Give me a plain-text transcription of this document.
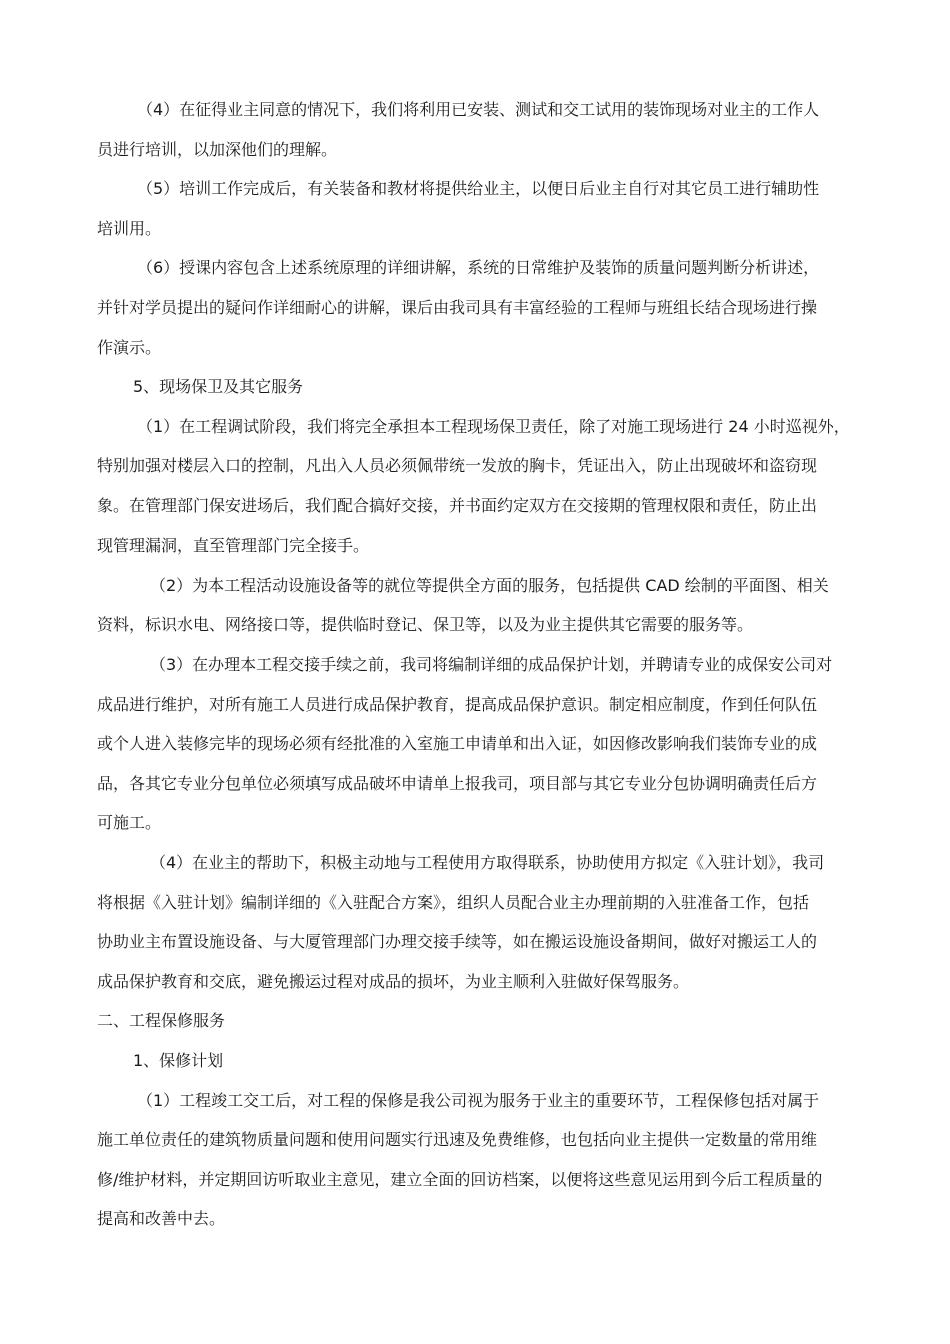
（4）在征得业主同意的情况下，我们将利用已安装、测试和交工试用的装饰现场对业主的工作人

员进行培训，以加深他们的理解。

（5）培训工作完成后，有关装备和教材将提供给业主，以便日后业主自行对其它员工进行辅助性

培训用。

（6）授课内容包含上述系统原理的详细讲解，系统的日常维护及装饰的质量问题判断分析讲述，

并针对学员提出的疑问作详细耐心的讲解，课后由我司具有丰富经验的工程师与班组长结合现场进行操

作演示。

5、现场保卫及其它服务

（1）在工程调试阶段，我们将完全承担本工程现场保卫责任，除了对施工现场进行 24 小时巡视外，

特别加强对楼层入口的控制，凡出入人员必须佩带统一发放的胸卡，凭证出入，防止出现破坏和盗窃现

象。在管理部门保安进场后，我们配合搞好交接，并书面约定双方在交接期的管理权限和责任，防止出

现管理漏洞，直至管理部门完全接手。

（2）为本工程活动设施设备等的就位等提供全方面的服务，包括提供 CAD 绘制的平面图、相关

资料，标识水电、网络接口等，提供临时登记、保卫等，以及为业主提供其它需要的服务等。

（3）在办理本工程交接手续之前，我司将编制详细的成品保护计划，并聘请专业的成保安公司对

成品进行维护，对所有施工人员进行成品保护教育，提高成品保护意识。制定相应制度，作到任何队伍

或个人进入装修完毕的现场必须有经批准的入室施工申请单和出入证，如因修改影响我们装饰专业的成

品，各其它专业分包单位必须填写成品破坏申请单上报我司，项目部与其它专业分包协调明确责任后方

可施工。

（4）在业主的帮助下，积极主动地与工程使用方取得联系，协助使用方拟定《入驻计划》，我司

将根据《入驻计划》编制详细的《入驻配合方案》，组织人员配合业主办理前期的入驻准备工作，包括

协助业主布置设施设备、与大厦管理部门办理交接手续等，如在搬运设施设备期间，做好对搬运工人的

成品保护教育和交底，避免搬运过程对成品的损坏，为业主顺利入驻做好保驾服务。

二、工程保修服务

1、保修计划

（1）工程竣工交工后，对工程的保修是我公司视为服务于业主的重要环节，工程保修包括对属于

施工单位责任的建筑物质量问题和使用问题实行迅速及免费维修，也包括向业主提供一定数量的常用维

修/维护材料，并定期回访听取业主意见，建立全面的回访档案，以便将这些意见运用到今后工程质量的

提高和改善中去。
